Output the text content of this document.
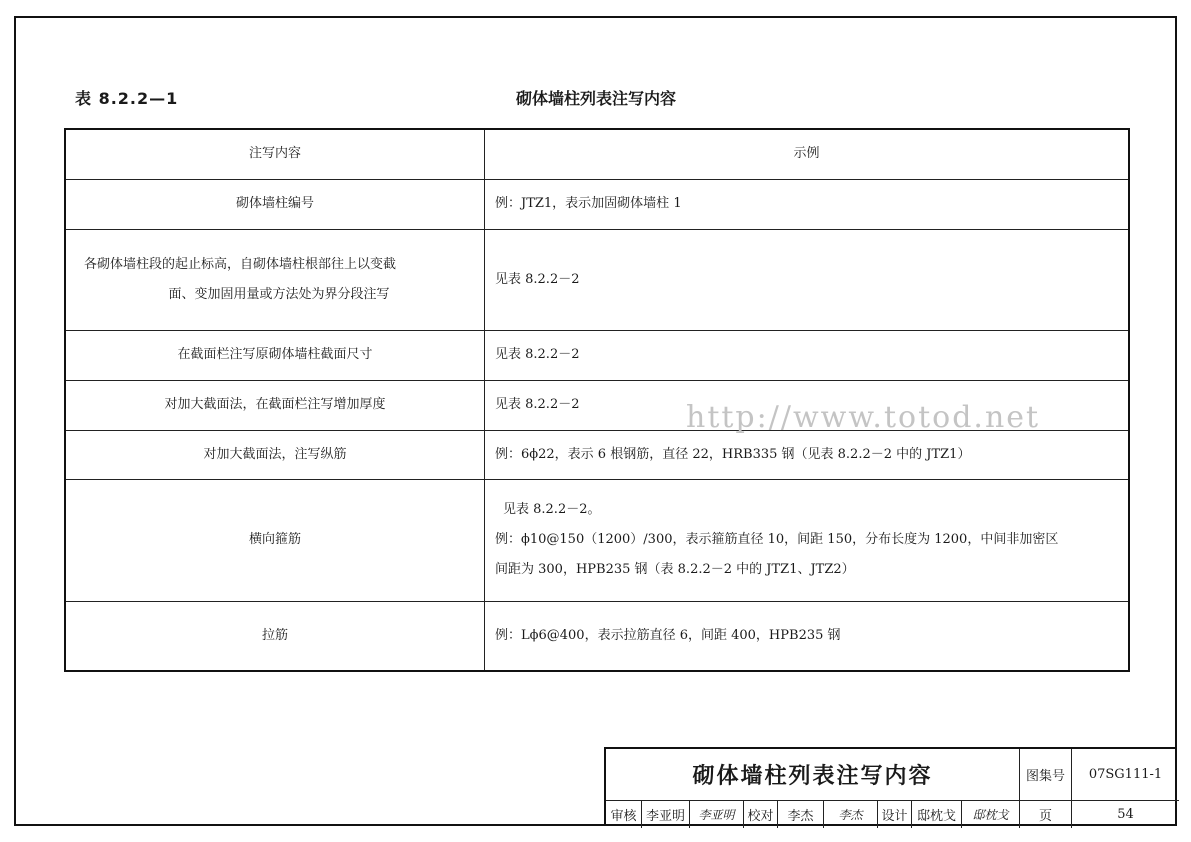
表 8.2.2—1	砌体墙柱列表注写内容
注写内容	示例
砌体墙柱编号	例：JTZ1，表示加固砌体墙柱 1

各砌体墙柱段的起止标高，自砌体墙柱根部往上以变截
面、变加固用量或方法处为界分段注写	见表 8.2.2－2
在截面栏注写原砌体墙柱截面尺寸	见表 8.2.2－2
对加大截面法，在截面栏注写增加厚度	见表 8.2.2－2
对加大截面法，注写纵筋	例：6ϕ22，表示 6 根钢筋，直径 22，HRB335 钢（见表 8.2.2－2 中的 JTZ1）
横向箍筋	见表 8.2.2－2。
例：ϕ10@150（1200）/300，表示箍筋直径 10，间距 150，分布长度为 1200，中间非加密区
间距为 300，HPB235 钢（表 8.2.2－2 中的 JTZ1、JTZ2）

拉筋	例：Lϕ6@400，表示拉筋直径 6，间距 400，HPB235 钢
http://www.totod.net
砌体墙柱列表注写内容	图集号	07SG111-1
审核 李亚明	李亚明 校对	李杰	李杰	设计 邸枕戈	邸枕戈	页	54
